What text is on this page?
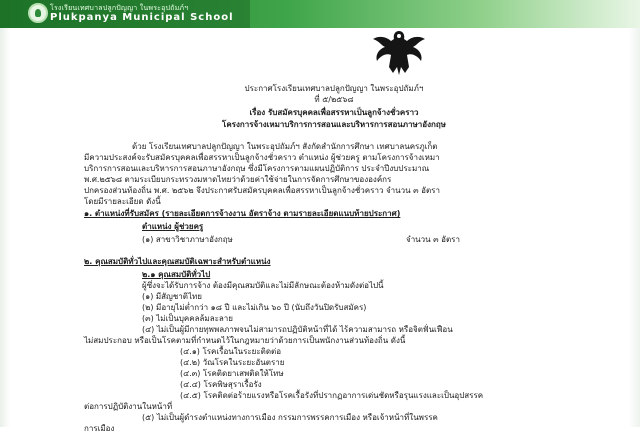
โรงเรียนเทศบาลปลูกปัญญา ในพระอุปถัมภ์ฯ
Plukpanya Municipal School
ประกาศโรงเรียนเทศบาลปลูกปัญญา ในพระอุปถัมภ์ฯ
ที่ ๕/๒๕๖๘
เรื่อง รับสมัครบุคคลเพื่อสรรหาเป็นลูกจ้างชั่วคราว
โครงการจ้างเหมาบริการการสอนและบริหารการสอนภาษาอังกฤษ
ด้วย โรงเรียนเทศบาลปลูกปัญญา ในพระอุปถัมภ์ฯ สังกัดสำนักการศึกษา เทศบาลนครภูเก็ต
มีความประสงค์จะรับสมัครบุคคลเพื่อสรรหาเป็นลูกจ้างชั่วคราว ตำแหน่ง ผู้ช่วยครู ตามโครงการจ้างเหมา
บริการการสอนและบริหารการสอนภาษาอังกฤษ ซึ่งมีโครงการตามแผนปฏิบัติการ ประจำปีงบประมาณ
พ.ศ.๒๕๖๘ ตามระเบียบกระทรวงมหาดไทยว่าด้วยค่าใช้จ่ายในการจัดการศึกษาขององค์กร
ปกครองส่วนท้องถิ่น พ.ศ. ๒๕๖๒ จึงประกาศรับสมัครบุคคลเพื่อสรรหาเป็นลูกจ้างชั่วคราว จำนวน ๓ อัตรา
โดยมีรายละเอียด ดังนี้
๑. ตำแหน่งที่รับสมัคร (รายละเอียดการจ้างงาน อัตราจ้าง ตามรายละเอียดแนบท้ายประกาศ)
ตำแหน่ง ผู้ช่วยครู
(๑) สาขาวิชาภาษาอังกฤษ	จำนวน ๓ อัตรา
๒. คุณสมบัติทั่วไปและคุณสมบัติเฉพาะสำหรับตำแหน่ง
๒.๑ คุณสมบัติทั่วไป
ผู้ซึ่งจะได้รับการจ้าง ต้องมีคุณสมบัติและไม่มีลักษณะต้องห้ามดังต่อไปนี้
(๑) มีสัญชาติไทย
(๒) มีอายุไม่ต่ำกว่า ๑๘ ปี และไม่เกิน ๖๐ ปี (นับถึงวันปิดรับสมัคร)
(๓) ไม่เป็นบุคคลล้มละลาย
(๔) ไม่เป็นผู้มีกายทุพพลภาพจนไม่สามารถปฏิบัติหน้าที่ได้ ไร้ความสามารถ หรือจิตฟั่นเฟือน
ไม่สมประกอบ หรือเป็นโรคตามที่กำหนดไว้ในกฎหมายว่าด้วยการเป็นพนักงานส่วนท้องถิ่น ดังนี้
(๔.๑) โรคเรื้อนในระยะติดต่อ
(๔.๒) วัณโรคในระยะอันตราย
(๔.๓) โรคติดยาเสพติดให้โทษ
(๔.๔) โรคพิษสุราเรื้อรัง
(๔.๕) โรคติดต่อร้ายแรงหรือโรคเรื้อรังที่ปรากฏอาการเด่นชัดหรือรุนแรงและเป็นอุปสรรค
ต่อการปฏิบัติงานในหน้าที่
(๕) ไม่เป็นผู้ดำรงตำแหน่งทางการเมือง กรรมการพรรคการเมือง หรือเจ้าหน้าที่ในพรรค
การเมือง
